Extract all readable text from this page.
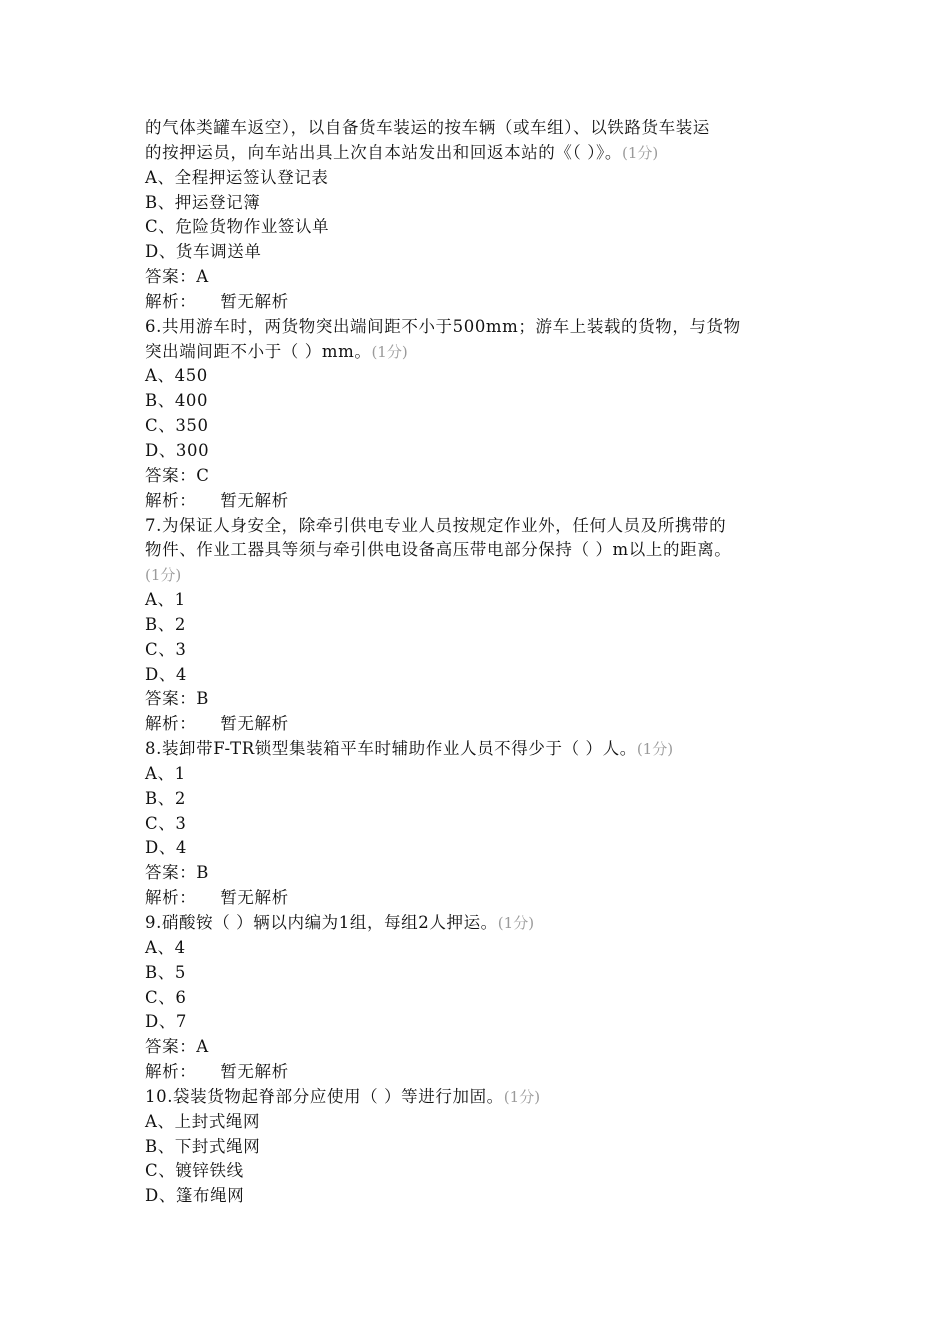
的气体类罐车返空），以自备货车装运的按车辆（或车组）、以铁路货车装运
的按押运员，向车站出具上次自本站发出和回返本站的《（ ）》。(1分)
A、全程押运签认登记表
B、押运登记簿
C、危险货物作业签认单
D、货车调送单
答案：A
解析： 暂无解析
6.共用游车时，两货物突出端间距不小于500mm；游车上装载的货物，与货物
突出端间距不小于（ ）mm。(1分)
A、450
B、400
C、350
D、300
答案：C
解析： 暂无解析
7.为保证人身安全，除牵引供电专业人员按规定作业外，任何人员及所携带的
物件、作业工器具等须与牵引供电设备高压带电部分保持（ ）m以上的距离。
(1分)
A、1
B、2
C、3
D、4
答案：B
解析： 暂无解析
8.装卸带F-TR锁型集装箱平车时辅助作业人员不得少于（ ）人。(1分)
A、1
B、2
C、3
D、4
答案：B
解析： 暂无解析
9.硝酸铵（ ）辆以内编为1组，每组2人押运。(1分)
A、4
B、5
C、6
D、7
答案：A
解析： 暂无解析
10.袋装货物起脊部分应使用（ ）等进行加固。(1分)
A、上封式绳网
B、下封式绳网
C、镀锌铁线
D、篷布绳网
